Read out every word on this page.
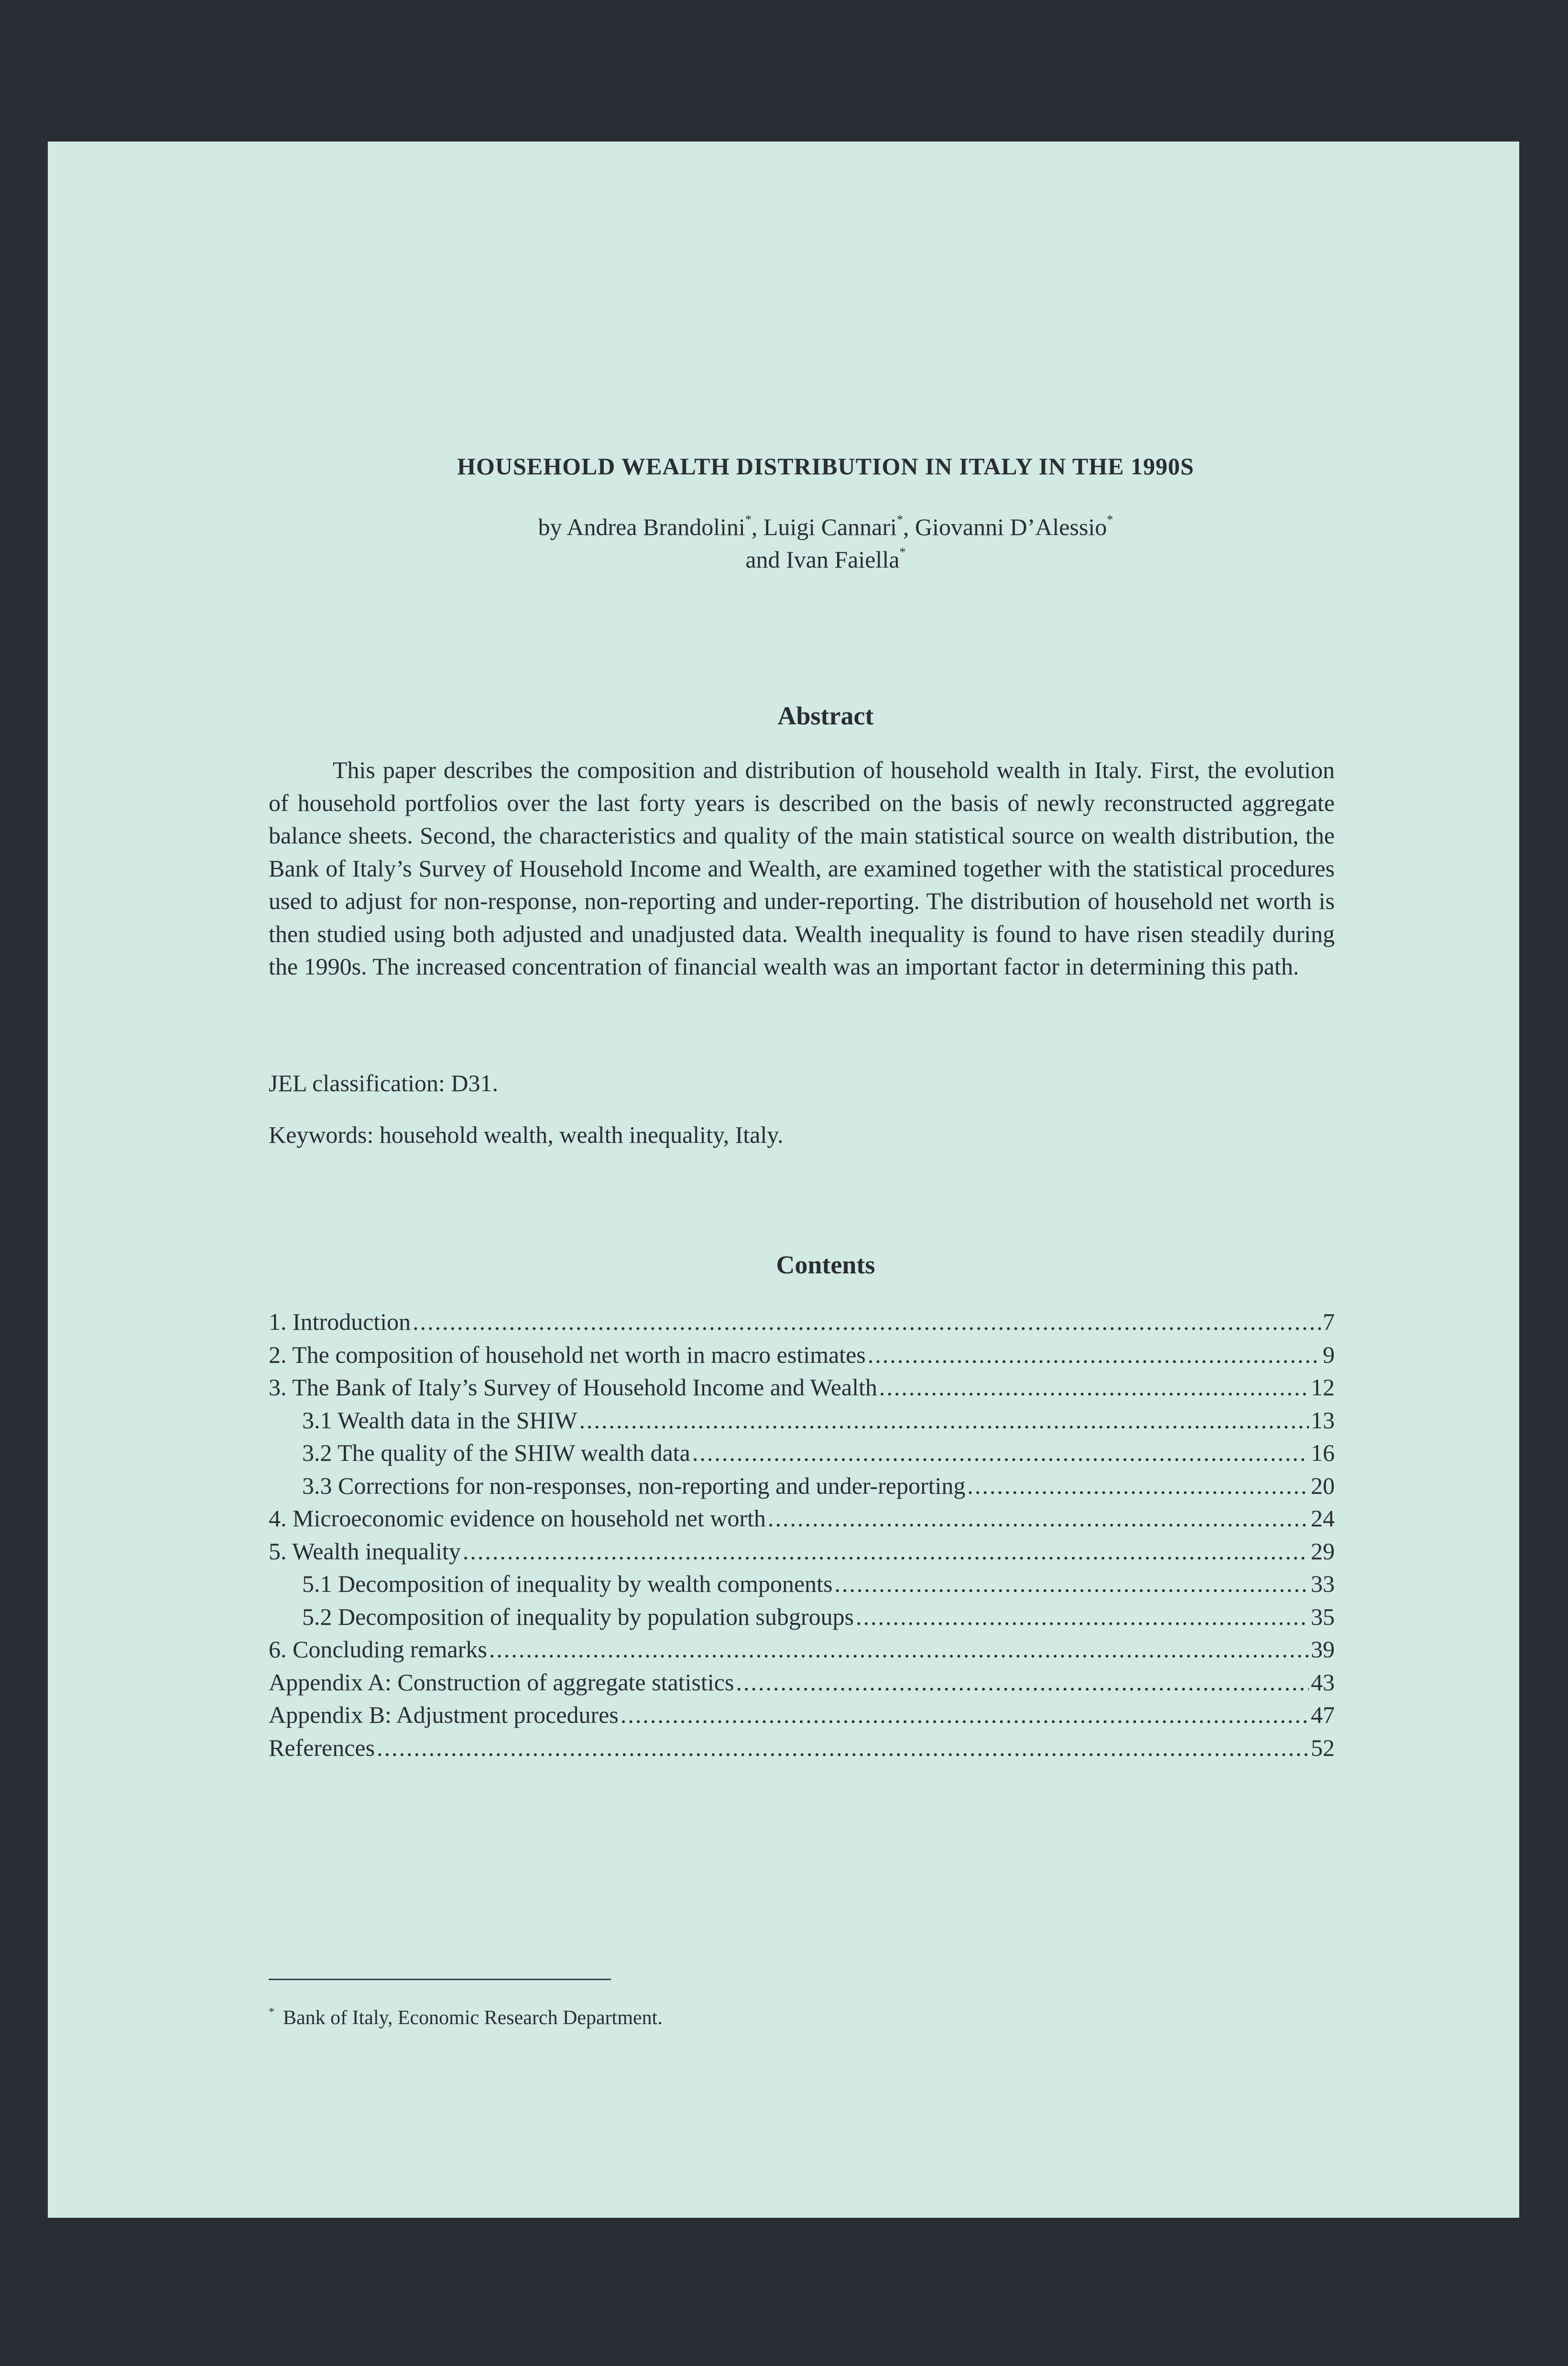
HOUSEHOLD WEALTH DISTRIBUTION IN ITALY IN THE 1990S
by Andrea Brandolini*, Luigi Cannari*, Giovanni D’Alessio*
and Ivan Faiella*
Abstract

This paper describes the composition and distribution of household wealth in Italy. First, the evolution of household portfolios over the last forty years is described on the basis of newly reconstructed aggregate balance sheets. Second, the characteristics and quality of the main statistical source on wealth distribution, the Bank of Italy’s Survey of Household Income and Wealth, are examined together with the statistical procedures used to adjust for non-response, non-reporting and under-reporting. The distribution of household net worth is then studied using both adjusted and unadjusted data. Wealth inequality is found to have risen steadily during the 1990s. The increased concentration of financial wealth was an important factor in determining this path.

JEL classification: D31.
Keywords: household wealth, wealth inequality, Italy.
Contents
1. Introduction .....	7
2. The composition of household net worth in macro estimates .....	9
3. The Bank of Italy’s Survey of Household Income and Wealth .....	12
3.1 Wealth data in the SHIW .....	13
3.2 The quality of the SHIW wealth data .....	16
3.3 Corrections for non-responses, non-reporting and under-reporting .....	20
4. Microeconomic evidence on household net worth .....	24
5. Wealth inequality .....	29
5.1 Decomposition of inequality by wealth components .....	33
5.2 Decomposition of inequality by population subgroups .....	35
6. Concluding remarks .....	39
Appendix A: Construction of aggregate statistics .....	43
Appendix B: Adjustment procedures .....	47
References .....	52
* Bank of Italy, Economic Research Department.
